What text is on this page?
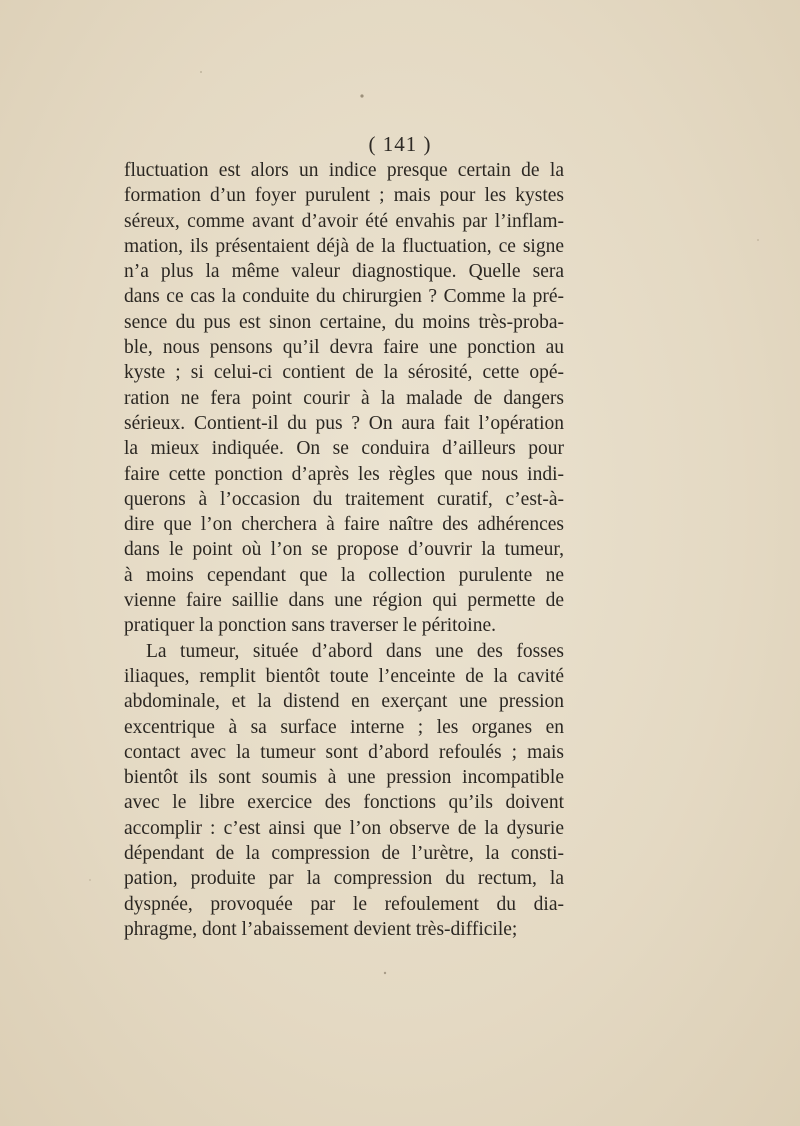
( 141 )
fluctuation est alors un indice presque certain de la
formation d’un foyer purulent ; mais pour les kystes
séreux, comme avant d’avoir été envahis par l’inflam-
mation, ils présentaient déjà de la fluctuation, ce signe
n’a plus la même valeur diagnostique. Quelle sera
dans ce cas la conduite du chirurgien ? Comme la pré-
sence du pus est sinon certaine, du moins très-proba-
ble, nous pensons qu’il devra faire une ponction au
kyste ; si celui-ci contient de la sérosité, cette opé-
ration ne fera point courir à la malade de dangers
sérieux. Contient-il du pus ? On aura fait l’opération
la mieux indiquée. On se conduira d’ailleurs pour
faire cette ponction d’après les règles que nous indi-
querons à l’occasion du traitement curatif, c’est-à-
dire que l’on cherchera à faire naître des adhérences
dans le point où l’on se propose d’ouvrir la tumeur,
à moins cependant que la collection purulente ne
vienne faire saillie dans une région qui permette de
pratiquer la ponction sans traverser le péritoine.
La tumeur, située d’abord dans une des fosses
iliaques, remplit bientôt toute l’enceinte de la cavité
abdominale, et la distend en exerçant une pression
excentrique à sa surface interne ; les organes en
contact avec la tumeur sont d’abord refoulés ; mais
bientôt ils sont soumis à une pression incompatible
avec le libre exercice des fonctions qu’ils doivent
accomplir : c’est ainsi que l’on observe de la dysurie
dépendant de la compression de l’urètre, la consti-
pation, produite par la compression du rectum, la
dyspnée, provoquée par le refoulement du dia-
phragme, dont l’abaissement devient très-difficile;
